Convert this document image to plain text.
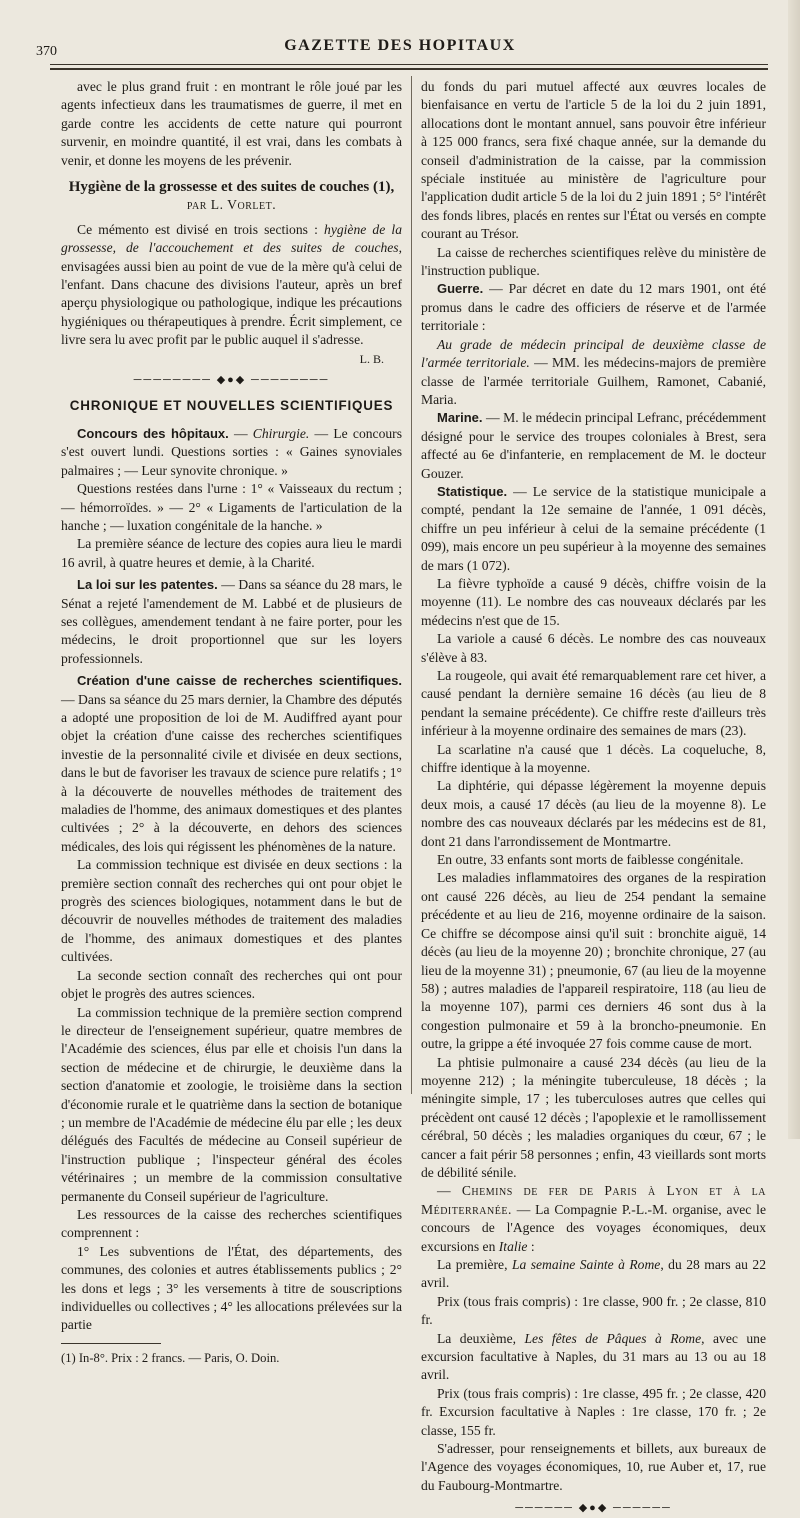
370	GAZETTE DES HOPITAUX

avec le plus grand fruit : en montrant le rôle joué par les agents infectieux dans les traumatismes de guerre, il met en garde contre les accidents de cette nature qui pourront survenir, en moindre quantité, il est vrai, dans les combats à venir, et donne les moyens de les prévenir.

Hygiène de la grossesse et des suites de couches (1),
par L. Vorlet.

Ce mémento est divisé en trois sections : hygiène de la grossesse, de l'accouchement et des suites de couches, envisagées aussi bien au point de vue de la mère qu'à celui de l'enfant. Dans chacune des divisions l'auteur, après un bref aperçu physiologique ou pathologique, indique les précautions hygiéniques ou thérapeutiques à prendre. Écrit simplement, ce livre sera lu avec profit par le public auquel il s'adresse.

L. B.
──────── ◆●◆ ────────
CHRONIQUE ET NOUVELLES SCIENTIFIQUES

Concours des hôpitaux. — Chirurgie. — Le concours s'est ouvert lundi. Questions sorties : « Gaines synoviales palmaires ; — Leur synovite chronique. »

Questions restées dans l'urne : 1° « Vaisseaux du rectum ; — hémorroïdes. » — 2° « Ligaments de l'articulation de la hanche ; — luxation congénitale de la hanche. »

La première séance de lecture des copies aura lieu le mardi 16 avril, à quatre heures et demie, à la Charité.

La loi sur les patentes. — Dans sa séance du 28 mars, le Sénat a rejeté l'amendement de M. Labbé et de plusieurs de ses collègues, amendement tendant à ne faire porter, pour les médecins, le droit proportionnel que sur les loyers professionnels.

Création d'une caisse de recherches scientifiques. — Dans sa séance du 25 mars dernier, la Chambre des députés a adopté une proposition de loi de M. Audiffred ayant pour objet la création d'une caisse des recherches scientifiques investie de la personnalité civile et divisée en deux sections, dans le but de favoriser les travaux de science pure relatifs ; 1° à la découverte de nouvelles méthodes de traitement des maladies de l'homme, des animaux domestiques et des plantes cultivées ; 2° à la découverte, en dehors des sciences médicales, des lois qui régissent les phénomènes de la nature.

La commission technique est divisée en deux sections : la première section connaît des recherches qui ont pour objet le progrès des sciences biologiques, notamment dans le but de découvrir de nouvelles méthodes de traitement des maladies de l'homme, des animaux domestiques et des plantes cultivées.

La seconde section connaît des recherches qui ont pour objet le progrès des autres sciences.

La commission technique de la première section comprend le directeur de l'enseignement supérieur, quatre membres de l'Académie des sciences, élus par elle et choisis l'un dans la section de médecine et de chirurgie, le deuxième dans la section d'anatomie et zoologie, le troisième dans la section d'économie rurale et le quatrième dans la section de botanique ; un membre de l'Académie de médecine élu par elle ; les deux délégués des Facultés de médecine au Conseil supérieur de l'instruction publique ; l'inspecteur général des écoles vétérinaires ; un membre de la commission consultative permanente du Conseil supérieur de l'agriculture.

Les ressources de la caisse des recherches scientifiques comprennent :

1° Les subventions de l'État, des départements, des communes, des colonies et autres établissements publics ; 2° les dons et legs ; 3° les versements à titre de souscriptions individuelles ou collectives ; 4° les allocations prélevées sur la partie

(1) In-8°. Prix : 2 francs. — Paris, O. Doin.

du fonds du pari mutuel affecté aux œuvres locales de bienfaisance en vertu de l'article 5 de la loi du 2 juin 1891, allocations dont le montant annuel, sans pouvoir être inférieur à 125 000 francs, sera fixé chaque année, sur la demande du conseil d'administration de la caisse, par la commission spéciale instituée au ministère de l'agriculture pour l'application dudit article 5 de la loi du 2 juin 1891 ; 5° l'intérêt des fonds libres, placés en rentes sur l'État ou versés en compte courant au Trésor.

La caisse de recherches scientifiques relève du ministère de l'instruction publique.

Guerre. — Par décret en date du 12 mars 1901, ont été promus dans le cadre des officiers de réserve et de l'armée territoriale :

Au grade de médecin principal de deuxième classe de l'armée territoriale. — MM. les médecins-majors de première classe de l'armée territoriale Guilhem, Ramonet, Cabanié, Maria.

Marine. — M. le médecin principal Lefranc, précédemment désigné pour le service des troupes coloniales à Brest, sera affecté au 6e d'infanterie, en remplacement de M. le docteur Gouzer.

Statistique. — Le service de la statistique municipale a compté, pendant la 12e semaine de l'année, 1 091 décès, chiffre un peu inférieur à celui de la semaine précédente (1 099), mais encore un peu supérieur à la moyenne des semaines de mars (1 072).

La fièvre typhoïde a causé 9 décès, chiffre voisin de la moyenne (11). Le nombre des cas nouveaux déclarés par les médecins n'est que de 15.

La variole a causé 6 décès. Le nombre des cas nouveaux s'élève à 83.

La rougeole, qui avait été remarquablement rare cet hiver, a causé pendant la dernière semaine 16 décès (au lieu de 8 pendant la semaine précédente). Ce chiffre reste d'ailleurs très inférieur à la moyenne ordinaire des semaines de mars (23).

La scarlatine n'a causé que 1 décès. La coqueluche, 8, chiffre identique à la moyenne.

La diphtérie, qui dépasse légèrement la moyenne depuis deux mois, a causé 17 décès (au lieu de la moyenne 8). Le nombre des cas nouveaux déclarés par les médecins est de 81, dont 21 dans l'arrondissement de Montmartre.

En outre, 33 enfants sont morts de faiblesse congénitale.

Les maladies inflammatoires des organes de la respiration ont causé 226 décès, au lieu de 254 pendant la semaine précédente et au lieu de 216, moyenne ordinaire de la saison. Ce chiffre se décompose ainsi qu'il suit : bronchite aiguë, 14 décès (au lieu de la moyenne 20) ; bronchite chronique, 27 (au lieu de la moyenne 31) ; pneumonie, 67 (au lieu de la moyenne 58) ; autres maladies de l'appareil respiratoire, 118 (au lieu de la moyenne 107), parmi ces derniers 46 sont dus à la congestion pulmonaire et 59 à la broncho-pneumonie. En outre, la grippe a été invoquée 27 fois comme cause de mort.

La phtisie pulmonaire a causé 234 décès (au lieu de la moyenne 212) ; la méningite tuberculeuse, 18 décès ; la méningite simple, 17 ; les tuberculoses autres que celles qui précèdent ont causé 12 décès ; l'apoplexie et le ramollissement cérébral, 50 décès ; les maladies organiques du cœur, 67 ; le cancer a fait périr 58 personnes ; enfin, 43 vieillards sont morts de débilité sénile.

— Chemins de fer de Paris à Lyon et à la Méditerranée. — La Compagnie P.-L.-M. organise, avec le concours de l'Agence des voyages économiques, deux excursions en Italie :

La première, La semaine Sainte à Rome, du 28 mars au 22 avril.

Prix (tous frais compris) : 1re classe, 900 fr. ; 2e classe, 810 fr.

La deuxième, Les fêtes de Pâques à Rome, avec une excursion facultative à Naples, du 31 mars au 13 ou au 18 avril.

Prix (tous frais compris) : 1re classe, 495 fr. ; 2e classe, 420 fr. Excursion facultative à Naples : 1re classe, 170 fr. ; 2e classe, 155 fr.

S'adresser, pour renseignements et billets, aux bureaux de l'Agence des voyages économiques, 10, rue Auber et, 17, rue du Faubourg-Montmartre.

────── ◆●◆ ──────
